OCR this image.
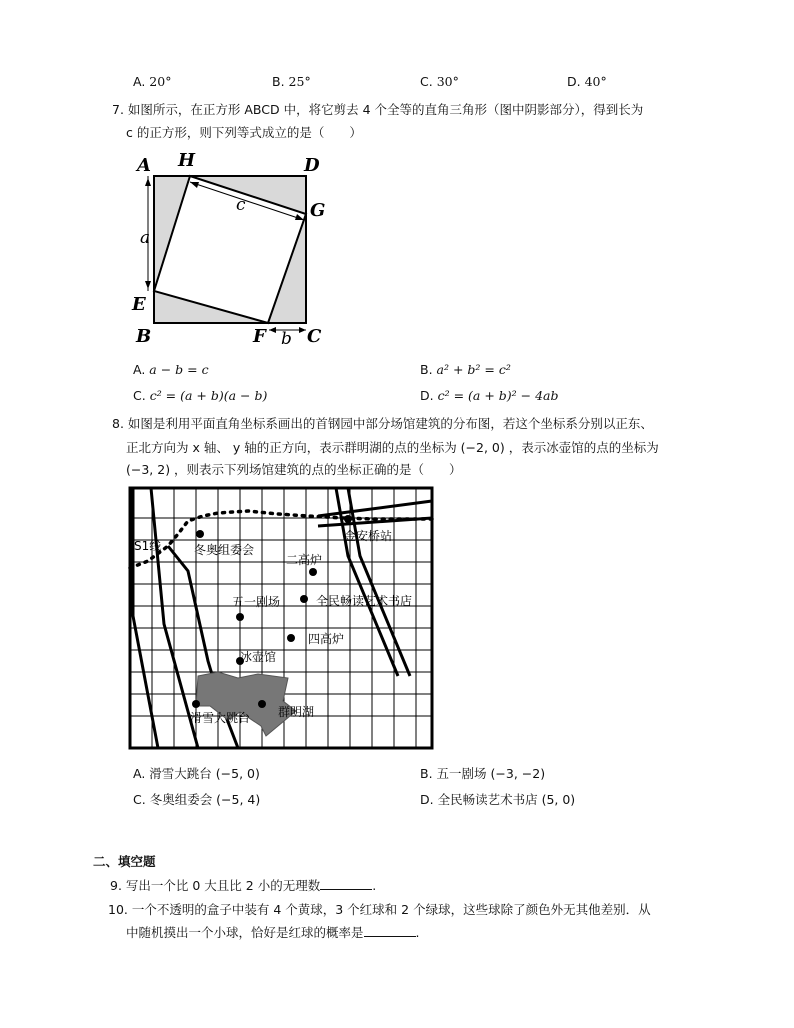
A. 20°	B. 25°	C. 30°	D. 40°
7. 如图所示，在正方形 ABCD 中，将它剪去 4 个全等的直角三角形（图中阴影部分），得到长为
c 的正方形，则下列等式成立的是（　　）
A H	D
G
a
c
E
B	F b C
A. a − b = c	B. a² + b² = c²
C. c² = (a + b)(a − b)	D. c² = (a + b)² − 4ab
8. 如图是利用平面直角坐标系画出的首钢园中部分场馆建筑的分布图，若这个坐标系分别以正东、
正北方向为 x 轴、 y 轴的正方向，表示群明湖的点的坐标为 (−2, 0) ，表示冰壶馆的点的坐标为
(−3, 2) ，则表示下列场馆建筑的点的坐标正确的是（　　）
S1线	冬奥组委会
金安桥站
二高炉
五一剧场	全民畅读艺术书店
四高炉
冰壶馆
滑雪大跳台 群明湖
A. 滑雪大跳台 (−5, 0)	B. 五一剧场 (−3, −2)
C. 冬奥组委会 (−5, 4)	D. 全民畅读艺术书店 (5, 0)
二、填空题
9. 写出一个比 0 大且比 2 小的无理数	.
10. 一个不透明的盒子中装有 4 个黄球，3 个红球和 2 个绿球，这些球除了颜色外无其他差别．从
中随机摸出一个小球，恰好是红球的概率是	.
